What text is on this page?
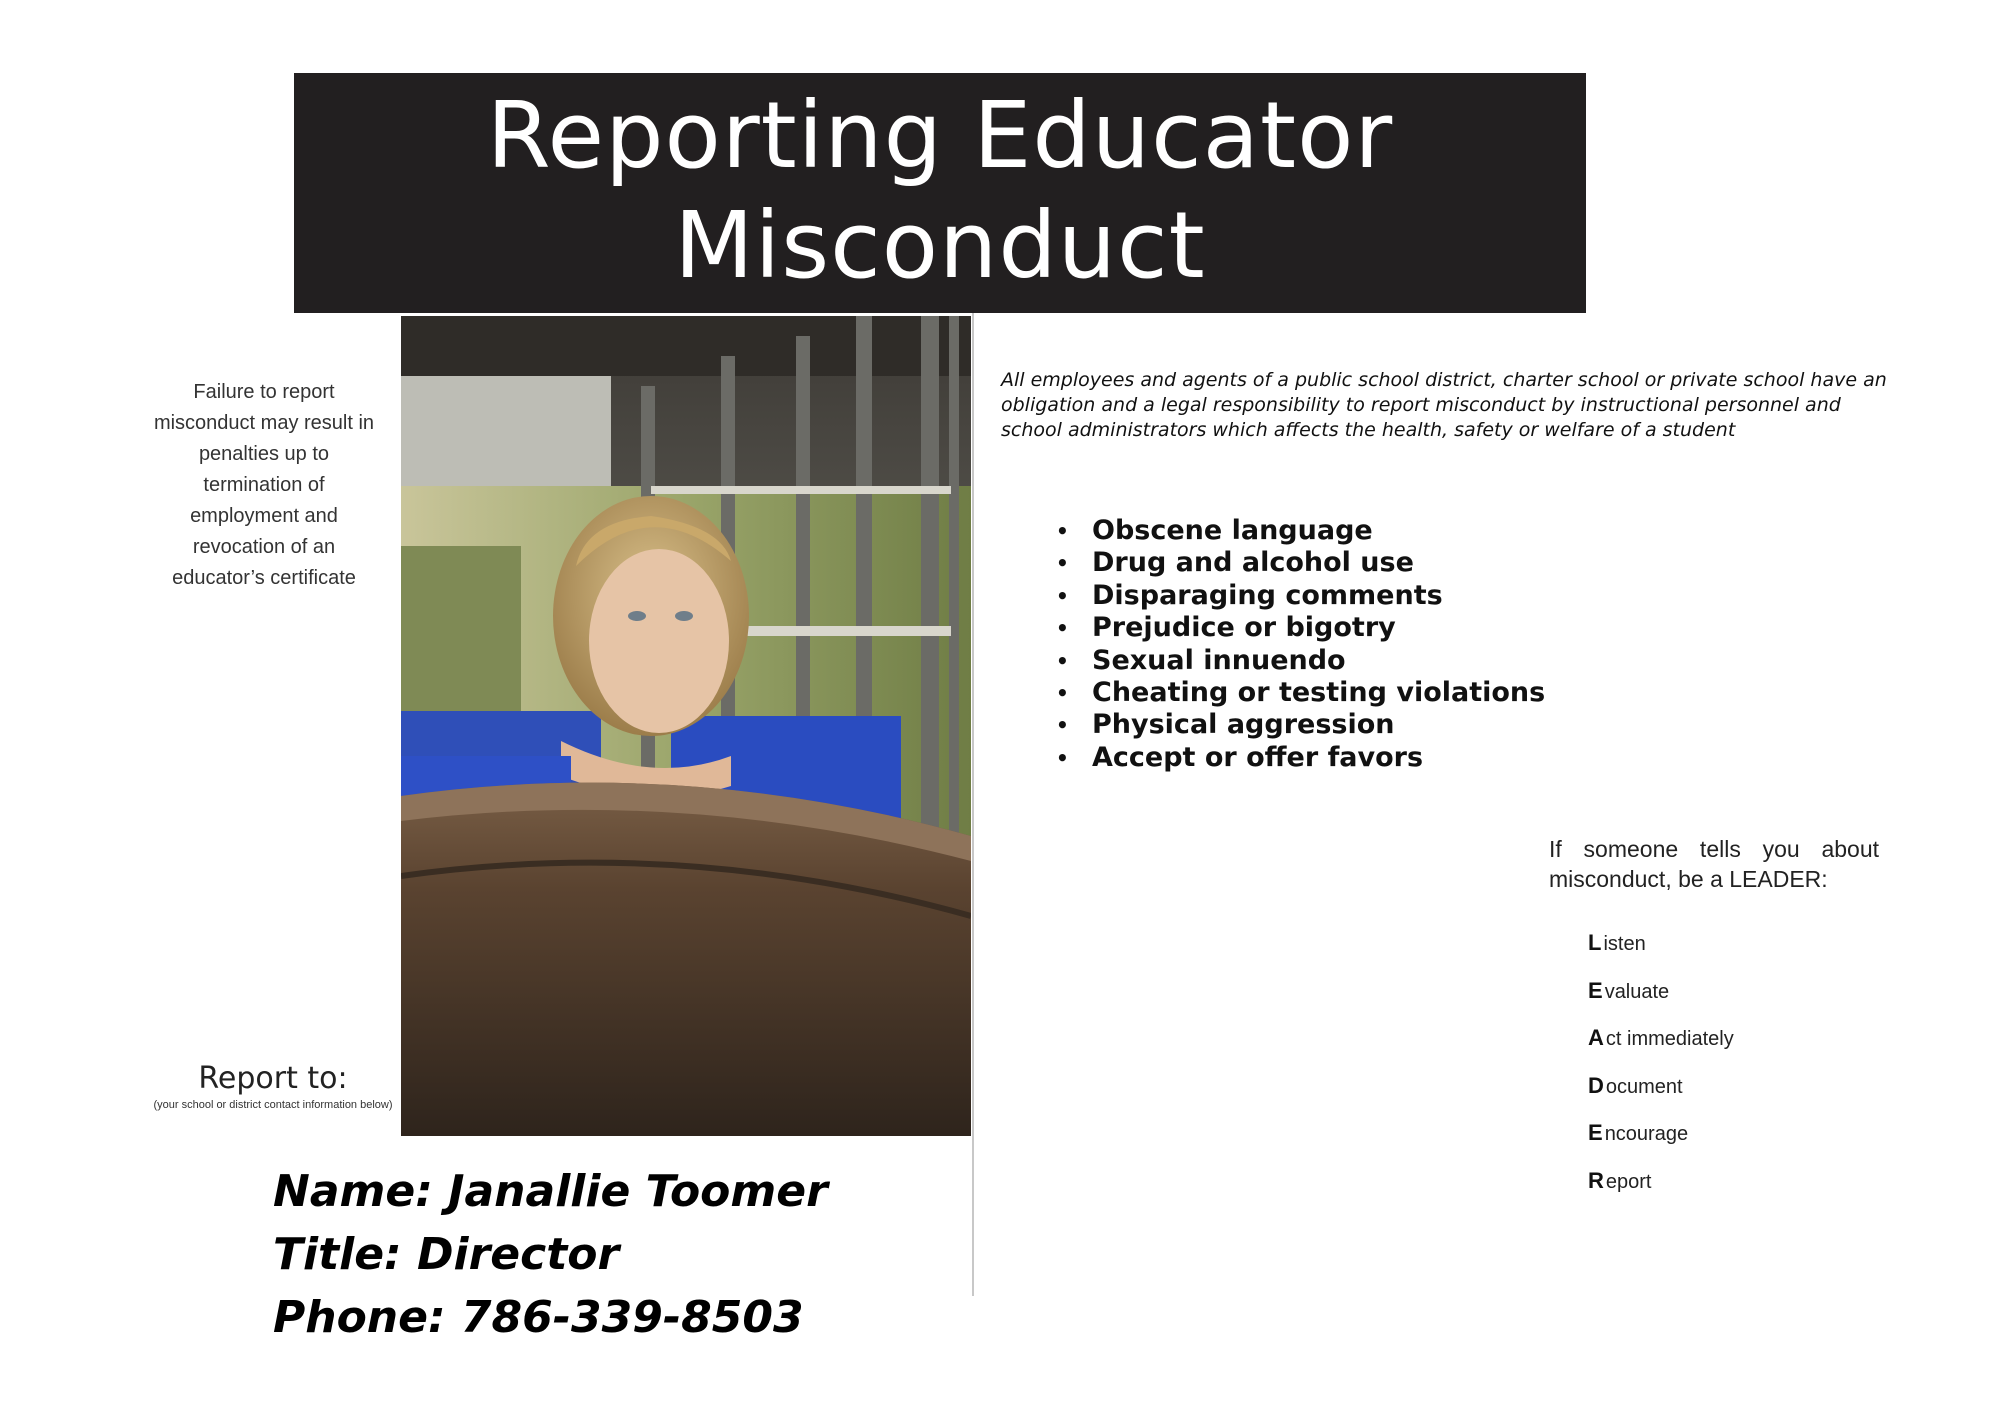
Reporting Educator
Misconduct
Failure to report misconduct may result in penalties up to termination of employment and revocation of an educator’s certificate
Report to:
(your school or district contact information below)
Name: Janallie Toomer
Title: Director
Phone: 786-339-8503
All employees and agents of a public school district, charter school or private school have an obligation and a legal responsibility to report misconduct by instructional personnel and school administrators which affects the health, safety or welfare of a student
• Obscene language
• Drug and alcohol use
• Disparaging comments
• Prejudice or bigotry
• Sexual innuendo
• Cheating or testing violations
• Physical aggression
• Accept or offer favors
If someone tells you about misconduct, be a LEADER:
L isten
E valuate
A ct immediately
D ocument
E ncourage
R eport
